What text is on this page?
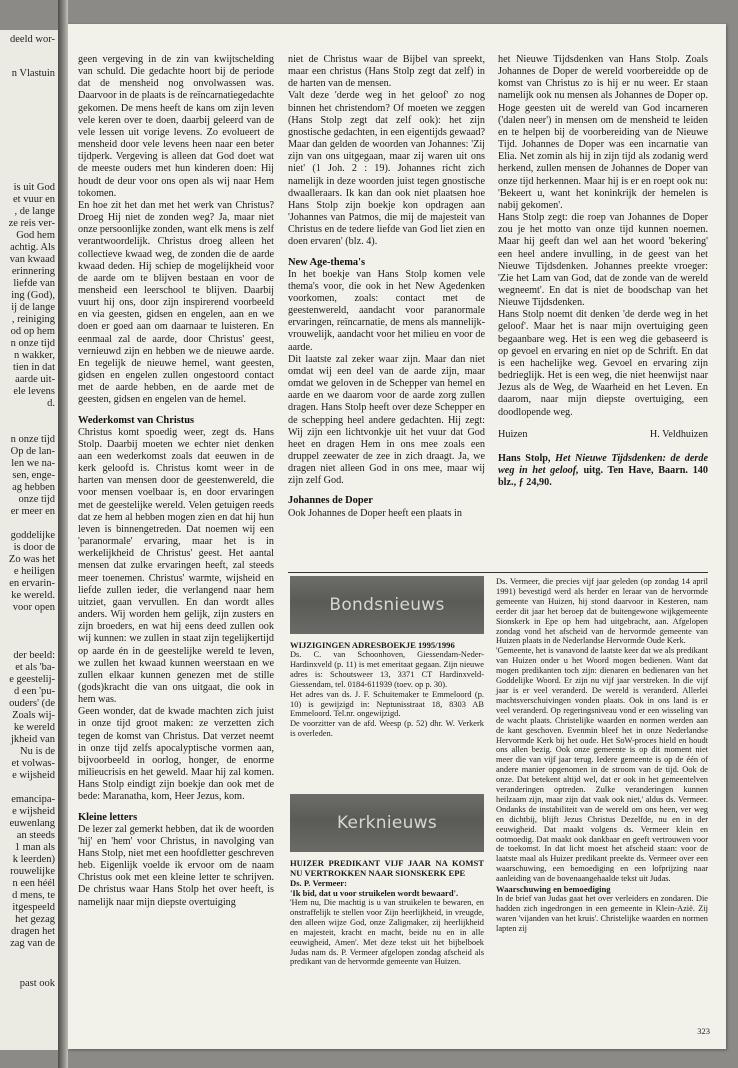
deeld wor-
n Vlastuin
is uit God
et vuur en
, de lange
ze reis ver-
God hem
achtig. Als
van kwaad
erinnering
liefde van
ing (God),
ij de lange
, reiniging
od op hem
n onze tijd
n wakker,
tien in dat
aarde uit-
ele levens
d.
n onze tijd
Op de lan-
len we na-
sen, enge-
ag hebben
onze tijd
er meer en
goddelijke
is door de
Zo was het
e heiligen
en ervarin-
ke wereld.
voor open
der beeld:
et als 'ba-
e geestelij-
d een 'pu-
ouders' (de
Zoals wij-
ke wereld
jkheid van
Nu is de
et volwas-
e wijsheid
emancipa-
e wijsheid
euwenlang
an steeds
1 man als
k leerden)
rouwelijke
n een héél
d mens, te
itgespeeld
het gezag
dragen het
zag van de
past ook

geen vergeving in de zin van kwijtschelding van schuld. Die gedachte hoort bij de periode dat de mensheid nog onvolwassen was. Daarvoor in de plaats is de reïncarnatiegedachte gekomen. De mens heeft de kans om zijn leven vele keren over te doen, daarbij geleerd van de vele lessen uit vorige levens. Zo evolueert de mensheid door vele levens heen naar een beter tijdperk. Vergeving is alleen dat God doet wat de meeste ouders met hun kinderen doen: Hij houdt de deur voor ons open als wij naar Hem tokomen.

En hoe zit het dan met het werk van Christus? Droeg Hij niet de zonden weg? Ja, maar niet onze persoonlijke zonden, want elk mens is zelf verantwoordelijk. Christus droeg alleen het collectieve kwaad weg, de zonden die de aarde kwaad deden. Hij schiep de mogelijkheid voor de aarde om te blijven bestaan en voor de mensheid een leerschool te blijven. Daarbij vuurt hij ons, door zijn inspirerend voorbeeld en via geesten, gidsen en engelen, aan en we doen er goed aan om daarnaar te luisteren. En eenmaal zal de aarde, door Christus' geest, vernieuwd zijn en hebben we de nieuwe aarde. En tegelijk de nieuwe hemel, want geesten, gidsen en engelen zullen ongestoord contact met de aarde hebben, en de aarde met de geesten, gidsen en engelen van de hemel.

Wederkomst van Christus

Christus komt spoedig weer, zegt ds. Hans Stolp. Daarbij moeten we echter niet denken aan een wederkomst zoals dat eeuwen in de kerk geloofd is. Christus komt weer in de harten van mensen door de geestenwereld, die voor mensen voelbaar is, en door ervaringen met de geestelijke wereld. Velen getuigen reeds dat ze hem al hebben mogen zien en dat hij hun leven is binnengetreden. Dat noemen wij een 'paranormale' ervaring, maar het is in werkelijkheid de Christus' geest. Het aantal mensen dat zulke ervaringen heeft, zal steeds meer toenemen. Christus' warmte, wijsheid en liefde zullen ieder, die verlangend naar hem uitziet, gaan vervullen. En dan wordt alles anders. Wij worden hem gelijk, zijn zusters en zijn broeders, en wat hij eens deed zullen ook wij kunnen: we zullen in staat zijn tegelijkertijd op aarde én in de geestelijke wereld te leven, we zullen het kwaad kunnen weerstaan en we zullen elkaar kunnen genezen met de stille (gods)kracht die van ons uitgaat, die ook in hem was.

Geen wonder, dat de kwade machten zich juist in onze tijd groot maken: ze verzetten zich tegen de komst van Christus. Dat verzet neemt in onze tijd zelfs apocalyptische vormen aan, bijvoorbeeld in oorlog, honger, de enorme milieucrisis en het geweld. Maar hij zal komen. Hans Stolp eindigt zijn boekje dan ook met de bede: Maranatha, kom, Heer Jezus, kom.

Kleine letters

De lezer zal gemerkt hebben, dat ik de woorden 'hij' en 'hem' voor Christus, in navolging van Hans Stolp, niet met een hoofdletter geschreven heb. Eigenlijk voelde ik ervoor om de naam Christus ook met een kleine letter te schrijven. De christus waar Hans Stolp het over heeft, is namelijk naar mijn diepste overtuiging

niet de Christus waar de Bijbel van spreekt, maar een christus (Hans Stolp zegt dat zelf) in de harten van de mensen.

Valt deze 'derde weg in het geloof' zo nog binnen het christendom? Of moeten we zeggen (Hans Stolp zegt dat zelf ook): het zijn gnostische gedachten, in een eigentijds gewaad? Maar dan gelden de woorden van Johannes: 'Zij zijn van ons uitgegaan, maar zij waren uit ons niet' (1 Joh. 2 : 19). Johannes richt zich namelijk in deze woorden juist tegen gnostische dwaalleraars. Ik kan dan ook niet plaatsen hoe Hans Stolp zijn boekje kon opdragen aan 'Johannes van Patmos, die mij de majesteit van Christus en de tedere liefde van God liet zien en doen ervaren' (blz. 4).

New Age-thema's

In het boekje van Hans Stolp komen vele thema's voor, die ook in het New Agedenken voorkomen, zoals: contact met de geestenwereld, aandacht voor paranormale ervaringen, reïncarnatie, de mens als mannelijk-vrouwelijk, aandacht voor het milieu en voor de aarde.

Dit laatste zal zeker waar zijn. Maar dan niet omdat wij een deel van de aarde zijn, maar omdat we geloven in de Schepper van hemel en aarde en we daarom voor de aarde zorg zullen dragen. Hans Stolp heeft over deze Schepper en de schepping heel andere gedachten. Hij zegt: Wij zijn een lichtvonkje uit het vuur dat God heet en dragen Hem in ons mee zoals een druppel zeewater de zee in zich draagt. Ja, we dragen niet alleen God in ons mee, maar wij zijn zelf God.

Johannes de Doper

Ook Johannes de Doper heeft een plaats in

het Nieuwe Tijdsdenken van Hans Stolp. Zoals Johannes de Doper de wereld voorbereidde op de komst van Christus zo is hij er nu weer. Er staan namelijk ook nu mensen als Johannes de Doper op. Hoge geesten uit de wereld van God incarneren ('dalen neer') in mensen om de mensheid te leiden en te helpen bij de voorbereiding van de Nieuwe Tijd. Johannes de Doper was een incarnatie van Elia. Net zomin als hij in zijn tijd als zodanig werd herkend, zullen mensen de Johannes de Doper van onze tijd herkennen. Maar hij is er en roept ook nu: 'Bekeert u, want het koninkrijk der hemelen is nabij gekomen'.

Hans Stolp zegt: die roep van Johannes de Doper zou je het motto van onze tijd kunnen noemen. Maar hij geeft dan wel aan het woord 'bekering' een heel andere invulling, in de geest van het Nieuwe Tijdsdenken. Johannes preekte vroeger: 'Zie het Lam van God, dat de zonde van de wereld wegneemt'. En dat is niet de boodschap van het Nieuwe Tijdsdenken.

Hans Stolp noemt dit denken 'de derde weg in het geloof'. Maar het is naar mijn overtuiging geen begaanbare weg. Het is een weg die gebaseerd is op gevoel en ervaring en niet op de Schrift. En dat is een hachelijke weg. Gevoel en ervaring zijn bedrieglijk. Het is een weg, die niet heenwijst naar Jezus als de Weg, de Waarheid en het Leven. En daarom, naar mijn diepste overtuiging, een doodlopende weg.

Huizen	H. Veldhuizen

Hans Stolp, Het Nieuwe Tijdsdenken: de derde weg in het geloof, uitg. Ten Have, Baarn. 140 blz., ƒ 24,90.

Bondsnieuws
WIJZIGINGEN ADRESBOEKJE 1995/1996

Ds. C. van Schoonhoven, Giessendam-Neder-Hardinxveld (p. 11) is met emeritaat gegaan. Zijn nieuwe adres is: Schoutsweer 13, 3371 CT Hardinxveld-Giessendam, tel. 0184-611939 (toev. op p. 30).

Het adres van ds. J. F. Schuitemaker te Emmeloord (p. 10) is gewijzigd in: Neptunisstraat 18, 8303 AB Emmeloord. Tel.nr. ongewijzigd.

De voorzitter van de afd. Weesp (p. 52) dhr. W. Verkerk is overleden.

Kerknieuws
HUIZER PREDIKANT VIJF JAAR NA KOMST NU VERTROKKEN NAAR SIONSKERK EPE
Ds. P. Vermeer:
'Ik bid, dat u voor struikelen wordt bewaard'.

'Hem nu, Die machtig is u van struikelen te bewaren, en onstraffelijk te stellen voor Zijn heerlijkheid, in vreugde, den alleen wijze God, onze Zaligmaker, zij heerlijkheid en majesteit, kracht en macht, beide nu en in alle eeuwigheid, Amen'. Met deze tekst uit het bijbelboek Judas nam ds. P. Vermeer afgelopen zondag afscheid als predikant van de hervormde gemeente van Huizen.

Ds. Vermeer, die precies vijf jaar geleden (op zondag 14 april 1991) bevestigd werd als herder en leraar van de hervormde gemeente van Huizen, hij stond daarvoor in Kesteren, nam eerder dit jaar het beroep dat de buitengewone wijkgemeente Sionskerk in Epe op hem had uitgebracht, aan. Afgelopen zondag vond het afscheid van de hervormde gemeente van Huizen plaats in de Nederlandse Hervormde Oude Kerk.

'Gemeente, het is vanavond de laatste keer dat we als predikant van Huizen onder u het Woord mogen bedienen. Want dat mogen predikanten toch zijn: dienaren en bedienaren van het Goddelijke Woord. Er zijn nu vijf jaar verstreken. In die vijf jaar is er veel veranderd. De wereld is veranderd. Allerlei machtsverschuivingen vonden plaats. Ook in ons land is er veel veranderd. Op regeringsniveau vond er een wisseling van de wacht plaats. Christelijke waarden en normen werden aan de kant geschoven. Evenmin bleef het in onze Nederlandse Hervormde Kerk bij het oude. Het SoW-proces hield en houdt ons allen bezig. Ook onze gemeente is op dit moment niet meer die van vijf jaar terug. Iedere gemeente is op de één of andere manier opgenomen in de stroom van de tijd. Ook de onze. Dat betekent altijd wel, dat er ook in het gemeentelven veranderingen optreden. Zulke veranderingen kunnen heilzaam zijn, maar zijn dat vaak ook niet,' aldus ds. Vermeer. Ondanks de instabiliteit van de wereld om ons heen, ver weg en dichtbij, blijft Jezus Christus Dezelfde, nu en in der eeuwigheid. Dat maakt volgens ds. Vermeer klein en ootmoedig. Dat maakt ook dankbaar en geeft vertrouwen voor de toekomst. In dat licht moest het afscheid staan: voor de laatste maal als Huizer predikant preekte ds. Vermeer over een waarschuwing, een bemoediging en een lofprijzing naar aanleiding van de bovenaangehaalde tekst uit Judas.

Waarschuwing en bemoediging

In de brief van Judas gaat het over verleiders en zondaren. Die hadden zich ingedrongen in een gemeente in Klein-Azië. Zij waren 'vijanden van het kruis'. Christelijke waarden en normen lapten zij

323
